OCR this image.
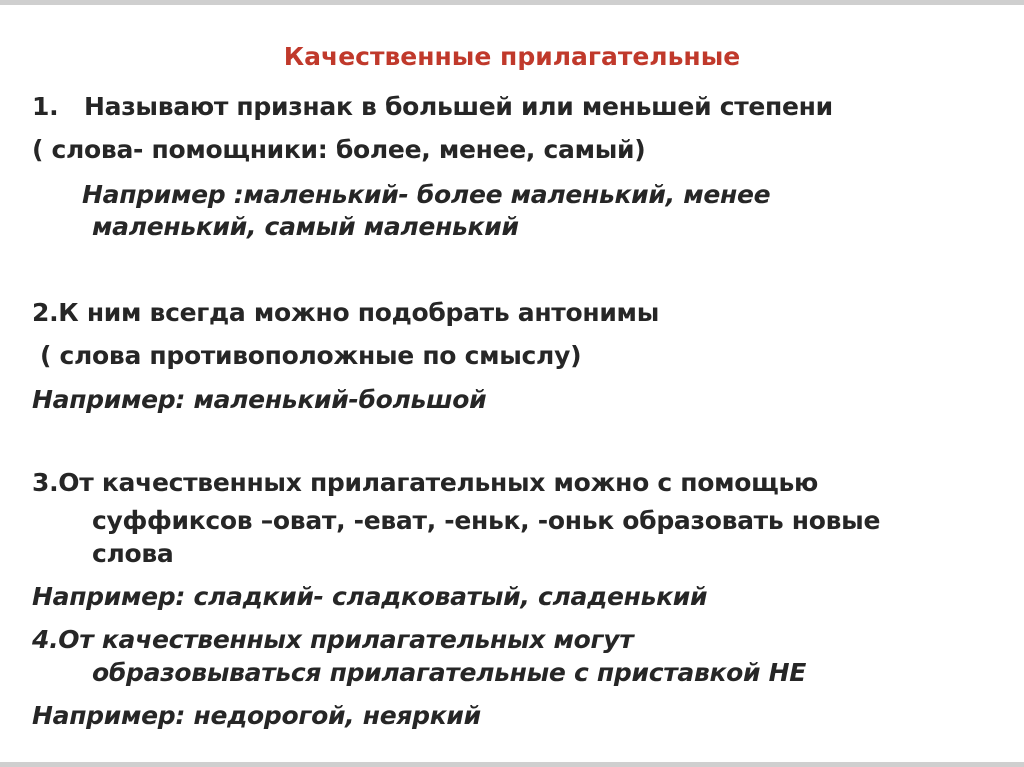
Качественные прилагательные
1. Называют признак в большей или меньшей степени
( слова- помощники: более, менее, самый)
Например :маленький- более маленький, менее
маленький, самый маленький
2.К ним всегда можно подобрать антонимы
( слова противоположные по смыслу)
Например: маленький-большой
3.От качественных прилагательных можно с помощью
суффиксов –оват, -еват, -еньк, -оньк образовать новые
слова
Например: сладкий- сладковатый, сладенький
4.От качественных прилагательных могут
образовываться прилагательные с приставкой НЕ
Например: недорогой, неяркий
